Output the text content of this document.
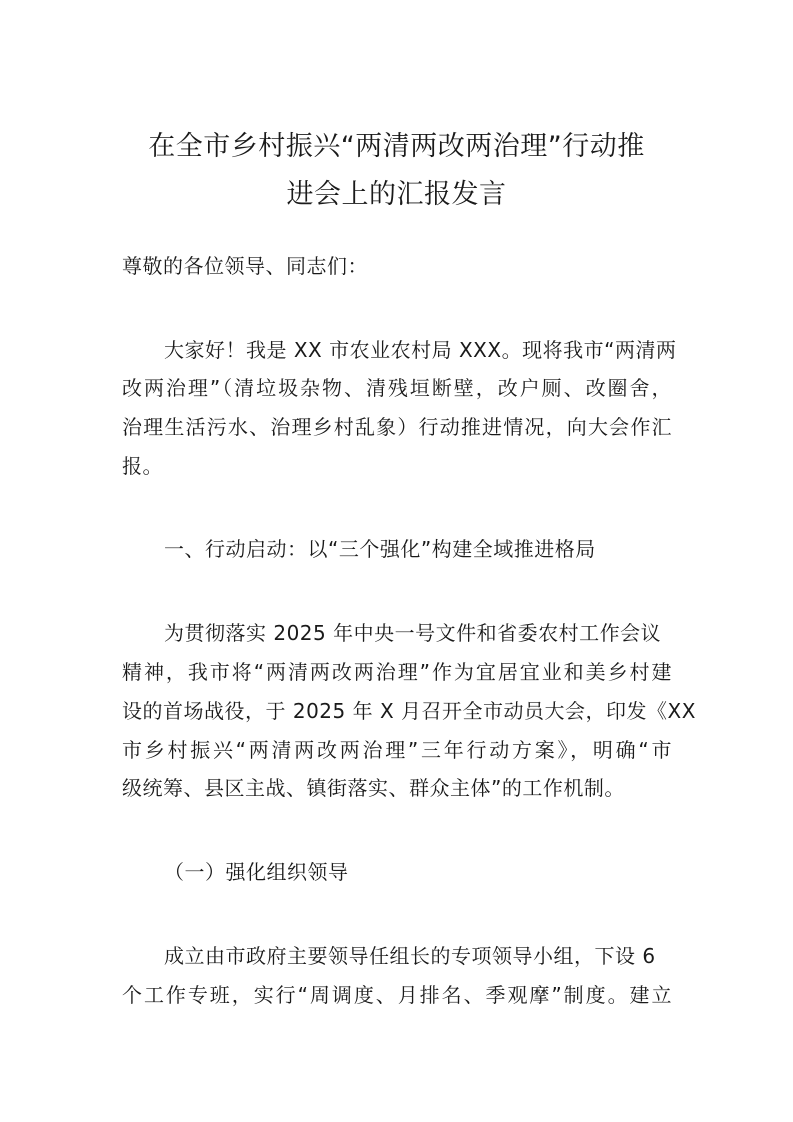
在全市乡村振兴“两清两改两治理”行动推
进会上的汇报发言

尊敬的各位领导、同志们：

大家好！我是 XX 市农业农村局 XXX。现将我市“两清两

改两治理”（清垃圾杂物、清残垣断壁，改户厕、改圈舍，

治理生活污水、治理乡村乱象）行动推进情况，向大会作汇

报。

一、行动启动：以“三个强化”构建全域推进格局

为贯彻落实 2025 年中央一号文件和省委农村工作会议

精神，我市将“两清两改两治理”作为宜居宜业和美乡村建

设的首场战役，于 2025 年 X 月召开全市动员大会，印发《XX

市乡村振兴“两清两改两治理”三年行动方案》，明确“市

级统筹、县区主战、镇街落实、群众主体”的工作机制。

（一）强化组织领导

成立由市政府主要领导任组长的专项领导小组，下设 6

个工作专班，实行“周调度、月排名、季观摩”制度。建立
